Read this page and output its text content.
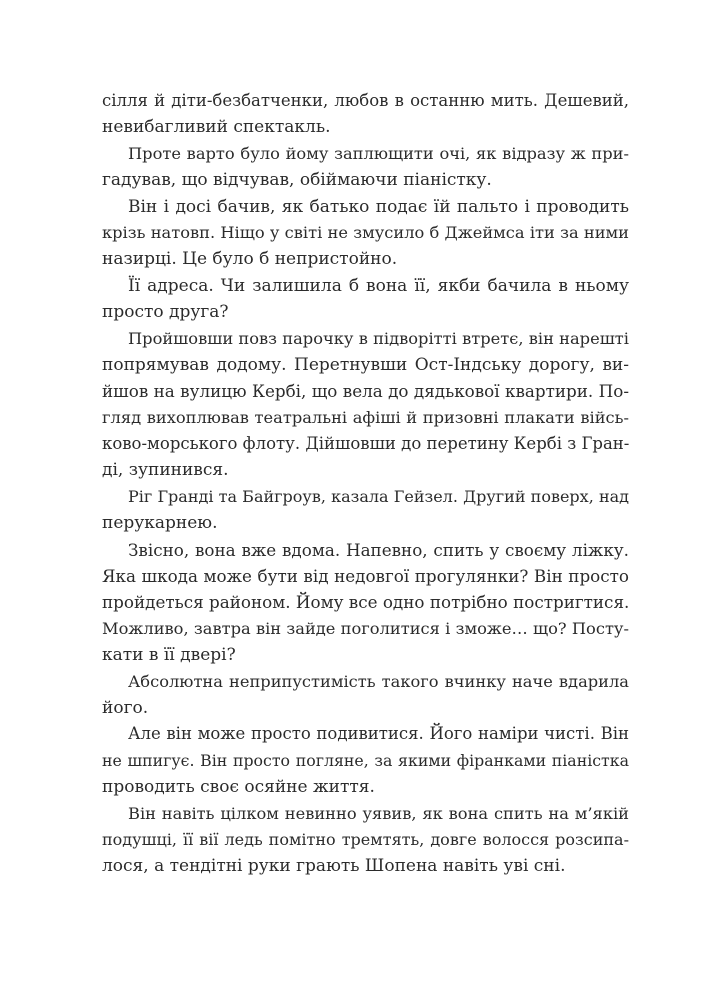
сілля й діти-безбатченки, любов в останню мить. Дешевий,
невибагливий спектакль.
Проте варто було йому заплющити очі, як відразу ж при-
гадував, що відчував, обіймаючи піаністку.
Він і досі бачив, як батько подає їй пальто і проводить
крізь натовп. Ніщо у світі не змусило б Джеймса іти за ними
назирці. Це було б непристойно.
Її адреса. Чи залишила б вона її, якби бачила в ньому
просто друга?
Пройшовши повз парочку в підворітті втретє, він нарешті
попрямував додому. Перетнувши Ост-Індську дорогу, ви-
йшов на вулицю Кербі, що вела до дядькової квартири. По-
гляд вихоплював театральні афіші й призовні плакати війсь-
ково-морського флоту. Дійшовши до перетину Кербі з Гран-
ді, зупинився.
Ріг Гранді та Байгроув, казала Гейзел. Другий поверх, над
перукарнею.
Звісно, вона вже вдома. Напевно, спить у своєму ліжку.
Яка шкода може бути від недовгої прогулянки? Він просто
пройдеться районом. Йому все одно потрібно постригтися.
Можливо, завтра він зайде поголитися і зможе… що? Посту-
кати в її двері?
Абсолютна неприпустимість такого вчинку наче вдарила
його.
Але він може просто подивитися. Його наміри чисті. Він
не шпигує. Він просто погляне, за якими фіранками піаністка
проводить своє осяйне життя.
Він навіть цілком невинно уявив, як вона спить на м’якій
подушці, її вії ледь помітно тремтять, довге волосся розсипа-
лося, а тендітні руки грають Шопена навіть уві сні.
